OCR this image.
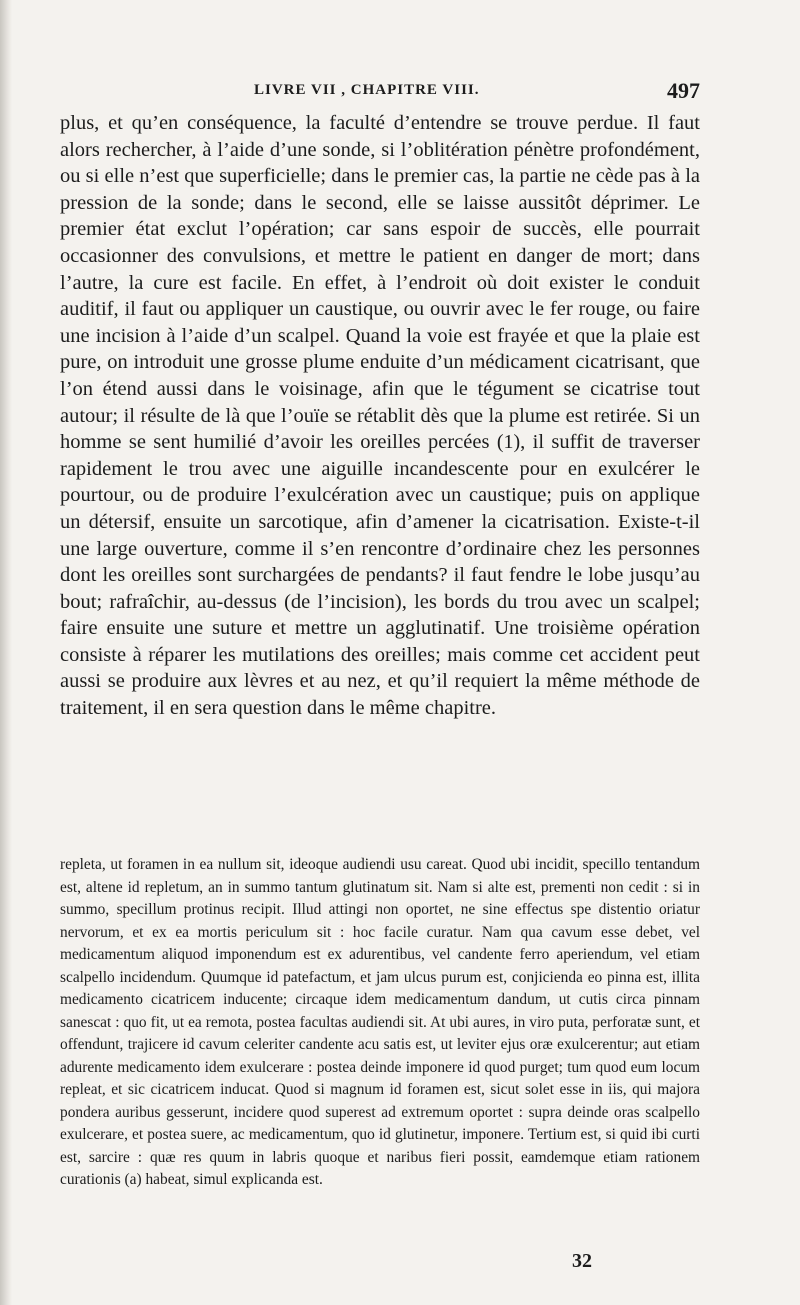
LIVRE VII , CHAPITRE VIII.	497

plus, et qu’en conséquence, la faculté d’entendre se trouve perdue. Il faut alors rechercher, à l’aide d’une sonde, si l’oblitération pénètre profondément, ou si elle n’est que superficielle; dans le premier cas, la partie ne cède pas à la pression de la sonde; dans le second, elle se laisse aussitôt déprimer. Le premier état exclut l’opération; car sans espoir de succès, elle pourrait occasionner des convulsions, et mettre le patient en danger de mort; dans l’autre, la cure est facile. En effet, à l’endroit où doit exister le conduit auditif, il faut ou appliquer un caustique, ou ouvrir avec le fer rouge, ou faire une incision à l’aide d’un scalpel. Quand la voie est frayée et que la plaie est pure, on introduit une grosse plume enduite d’un médicament cicatrisant, que l’on étend aussi dans le voisinage, afin que le tégument se cicatrise tout autour; il résulte de là que l’ouïe se rétablit dès que la plume est retirée. Si un homme se sent humilié d’avoir les oreilles percées (1), il suffit de traverser rapidement le trou avec une aiguille incandescente pour en exulcérer le pourtour, ou de produire l’exulcération avec un caustique; puis on applique un détersif, ensuite un sarcotique, afin d’amener la cicatrisation. Existe-t-il une large ouverture, comme il s’en rencontre d’ordinaire chez les personnes dont les oreilles sont surchargées de pendants? il faut fendre le lobe jusqu’au bout; rafraîchir, au-dessus (de l’incision), les bords du trou avec un scalpel; faire ensuite une suture et mettre un agglutinatif. Une troisième opération consiste à réparer les mutilations des oreilles; mais comme cet accident peut aussi se produire aux lèvres et au nez, et qu’il requiert la même méthode de traitement, il en sera question dans le même chapitre.

repleta, ut foramen in ea nullum sit, ideoque audiendi usu careat. Quod ubi incidit, specillo tentandum est, altene id repletum, an in summo tantum glutinatum sit. Nam si alte est, prementi non cedit : si in summo, specillum protinus recipit. Illud attingi non oportet, ne sine effectus spe distentio oriatur nervorum, et ex ea mortis periculum sit : hoc facile curatur. Nam qua cavum esse debet, vel medicamentum aliquod imponendum est ex adurentibus, vel candente ferro aperiendum, vel etiam scalpello incidendum. Quumque id patefactum, et jam ulcus purum est, conjicienda eo pinna est, illita medicamento cicatricem inducente; circaque idem medicamentum dandum, ut cutis circa pinnam sanescat : quo fit, ut ea remota, postea facultas audiendi sit. At ubi aures, in viro puta, perforatæ sunt, et offendunt, trajicere id cavum celeriter candente acu satis est, ut leviter ejus oræ exulcerentur; aut etiam adurente medicamento idem exulcerare : postea deinde imponere id quod purget; tum quod eum locum repleat, et sic cicatricem inducat. Quod si magnum id foramen est, sicut solet esse in iis, qui majora pondera auribus gesserunt, incidere quod superest ad extremum oportet : supra deinde oras scalpello exulcerare, et postea suere, ac medicamentum, quo id glutinetur, imponere. Tertium est, si quid ibi curti est, sarcire : quæ res quum in labris quoque et naribus fieri possit, eamdemque etiam rationem curationis (a) habeat, simul explicanda est.

32
